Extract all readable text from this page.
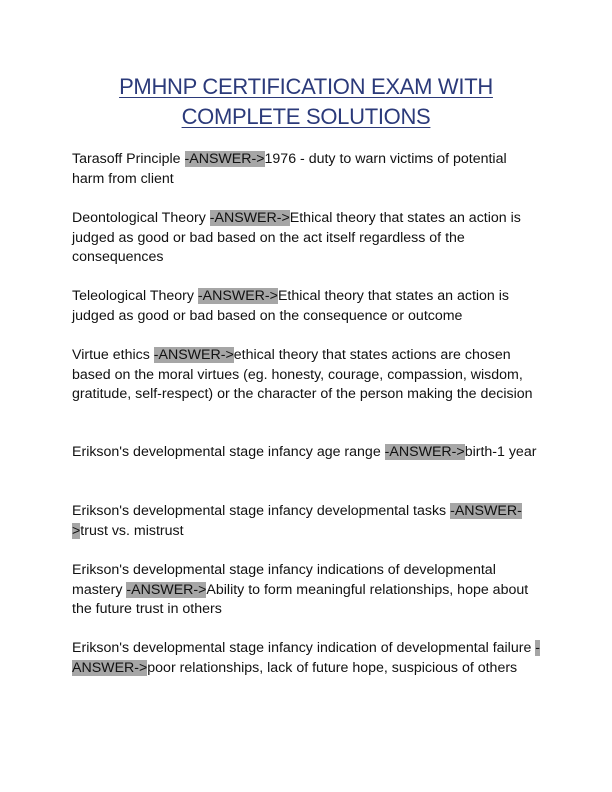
PMHNP CERTIFICATION EXAM WITH COMPLETE SOLUTIONS

Tarasoff Principle -ANSWER->1976 - duty to warn victims of potential harm from client

Deontological Theory -ANSWER->Ethical theory that states an action is judged as good or bad based on the act itself regardless of the consequences

Teleological Theory -ANSWER->Ethical theory that states an action is judged as good or bad based on the consequence or outcome

Virtue ethics -ANSWER->ethical theory that states actions are chosen based on the moral virtues (eg. honesty, courage, compassion, wisdom, gratitude, self-respect) or the character of the person making the decision

Erikson's developmental stage infancy age range -ANSWER->birth-1 year

Erikson's developmental stage infancy developmental tasks -ANSWER->trust vs. mistrust

Erikson's developmental stage infancy indications of developmental mastery -ANSWER->Ability to form meaningful relationships, hope about the future trust in others

Erikson's developmental stage infancy indication of developmental failure -ANSWER->poor relationships, lack of future hope, suspicious of others
